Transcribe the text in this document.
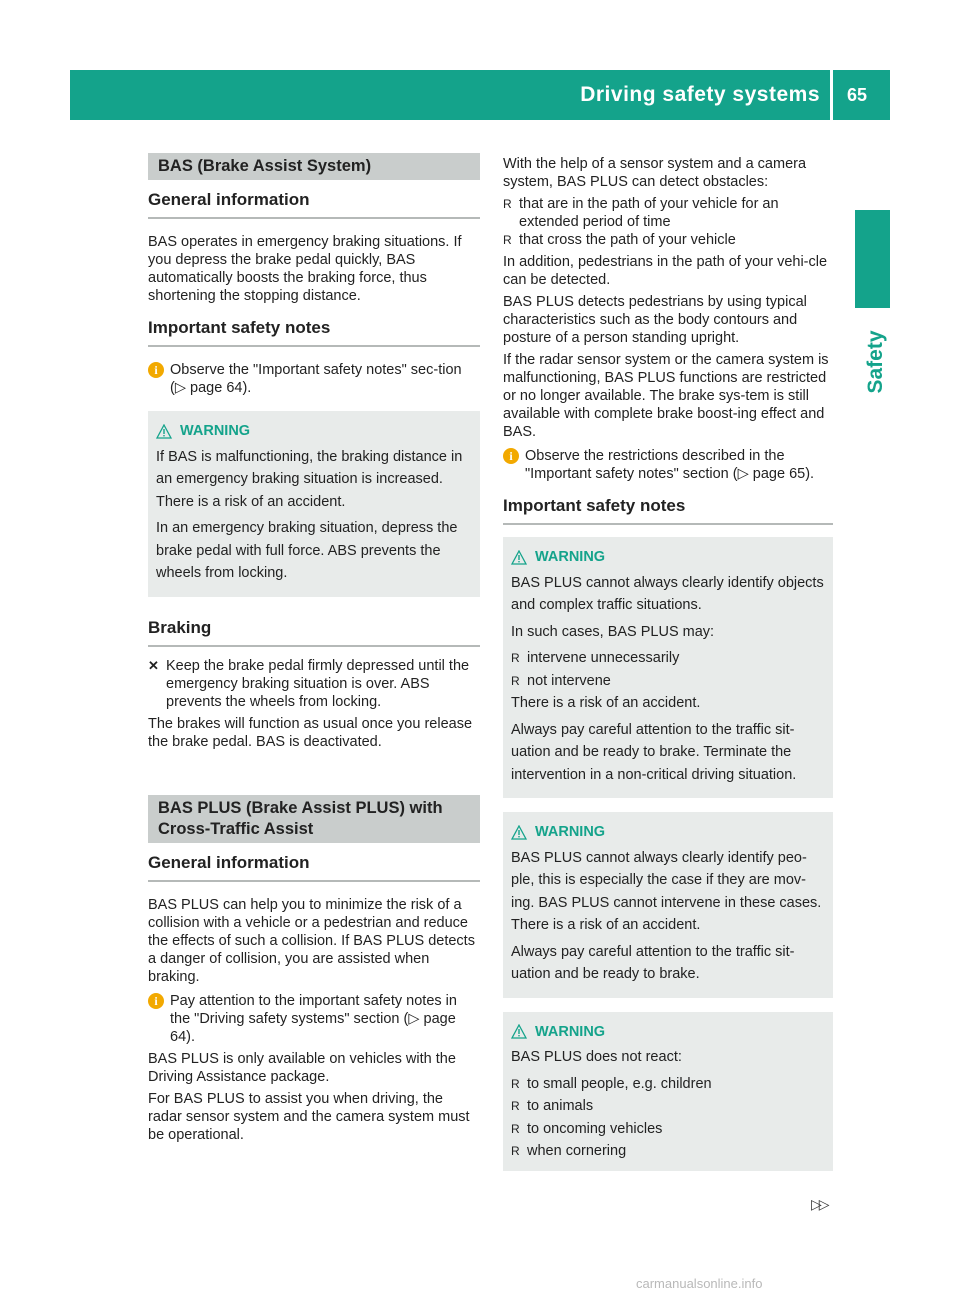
Driving safety systems 65
Safety
BAS (Brake Assist System)
General information

BAS operates in emergency braking situations. If you depress the brake pedal quickly, BAS automatically boosts the braking force, thus shortening the stopping distance.

Important safety notes
i Observe the "Important safety notes" sec-tion (▷ page 64).
WARNING

If BAS is malfunctioning, the braking distance in an emergency braking situation is increased. There is a risk of an accident.

In an emergency braking situation, depress the brake pedal with full force. ABS prevents the wheels from locking.

Braking
✕ Keep the brake pedal firmly depressed until the emergency braking situation is over. ABS prevents the wheels from locking.

The brakes will function as usual once you release the brake pedal. BAS is deactivated.

BAS PLUS (Brake Assist PLUS) with
Cross-Traffic Assist
General information

BAS PLUS can help you to minimize the risk of a collision with a vehicle or a pedestrian and reduce the effects of such a collision. If BAS PLUS detects a danger of collision, you are assisted when braking.

i Pay attention to the important safety notes in the "Driving safety systems" section (▷ page 64).

BAS PLUS is only available on vehicles with the Driving Assistance package.

For BAS PLUS to assist you when driving, the radar sensor system and the camera system must be operational.

With the help of a sensor system and a camera system, BAS PLUS can detect obstacles:

R that are in the path of your vehicle for an extended period of time
R that cross the path of your vehicle

In addition, pedestrians in the path of your vehi-cle can be detected.

BAS PLUS detects pedestrians by using typical characteristics such as the body contours and posture of a person standing upright.

If the radar sensor system or the camera system is malfunctioning, BAS PLUS functions are restricted or no longer available. The brake sys-tem is still available with complete brake boost-ing effect and BAS.

i Observe the restrictions described in the "Important safety notes" section (▷ page 65).
Important safety notes
WARNING

BAS PLUS cannot always clearly identify objects and complex traffic situations.

In such cases, BAS PLUS may:

R intervene unnecessarily
R not intervene

There is a risk of an accident.

Always pay careful attention to the traffic sit-uation and be ready to brake. Terminate the intervention in a non-critical driving situation.

WARNING

BAS PLUS cannot always clearly identify peo-ple, this is especially the case if they are mov-ing. BAS PLUS cannot intervene in these cases. There is a risk of an accident.

Always pay careful attention to the traffic sit-uation and be ready to brake.

WARNING

BAS PLUS does not react:

R to small people, e.g. children
R to animals
R to oncoming vehicles
R when cornering
▷▷
carmanualsonline.info
